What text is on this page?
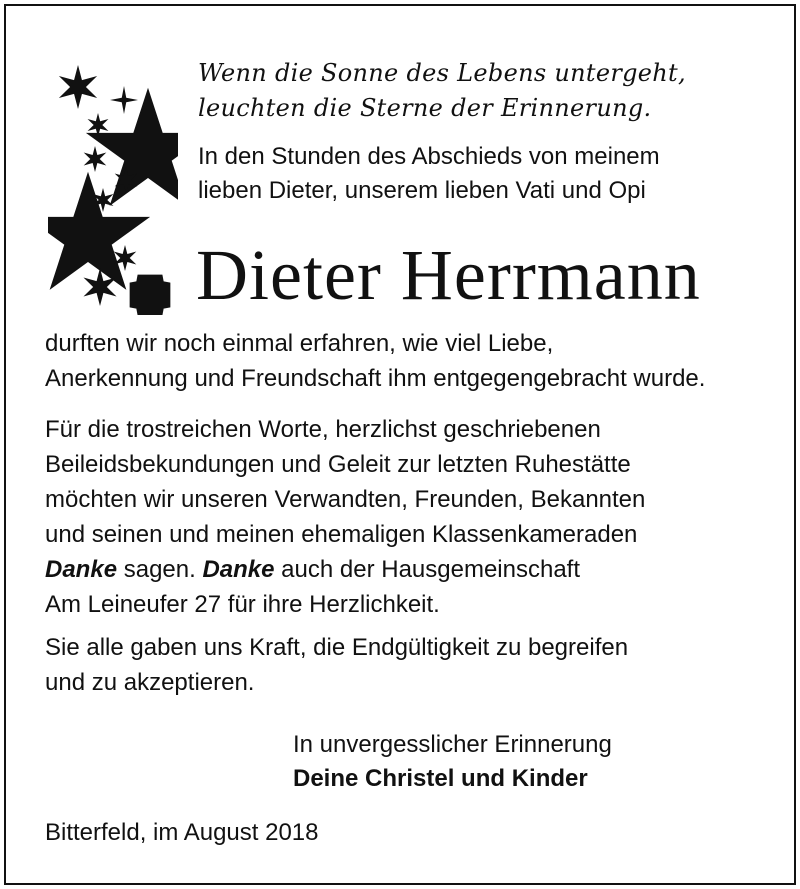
Wenn die Sonne des Lebens untergeht,
leuchten die Sterne der Erinnerung.
In den Stunden des Abschieds von meinem
lieben Dieter, unserem lieben Vati und Opi
Dieter Herrmann
durften wir noch einmal erfahren, wie viel Liebe,
Anerkennung und Freundschaft ihm entgegengebracht wurde.
Für die trostreichen Worte, herzlichst geschriebenen
Beileidsbekundungen und Geleit zur letzten Ruhestätte
möchten wir unseren Verwandten, Freunden, Bekannten
und seinen und meinen ehemaligen Klassenkameraden
Danke sagen. Danke auch der Hausgemeinschaft
Am Leineufer 27 für ihre Herzlichkeit.
Sie alle gaben uns Kraft, die Endgültigkeit zu begreifen
und zu akzeptieren.
In unvergesslicher Erinnerung
Deine Christel und Kinder
Bitterfeld, im August 2018
